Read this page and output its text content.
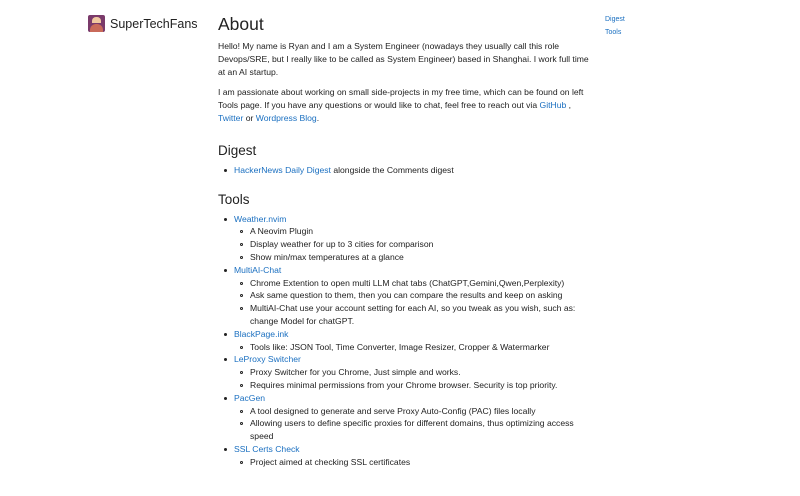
SuperTechFans	Digest
Tools
About

Hello! My name is Ryan and I am a System Engineer (nowadays they usually call this role Devops/SRE, but I really like to be called as System Engineer) based in Shanghai. I work full time at an AI startup.

I am passionate about working on small side-projects in my free time, which can be found on left Tools page. If you have any questions or would like to chat, feel free to reach out via GitHub , Twitter or Wordpress Blog.

Digest
HackerNews Daily Digest alongside the Comments digest
Tools
Weather.nvim
A Neovim Plugin
Display weather for up to 3 cities for comparison
Show min/max temperatures at a glance
MultiAI-Chat
Chrome Extention to open multi LLM chat tabs (ChatGPT,Gemini,Qwen,Perplexity)
Ask same question to them, then you can compare the results and keep on asking
MultiAI-Chat use your account setting for each AI, so you tweak as you wish, such as: change Model for chatGPT.
BlackPage.ink
Tools like: JSON Tool, Time Converter, Image Resizer, Cropper & Watermarker
LeProxy Switcher
Proxy Switcher for you Chrome, Just simple and works.
Requires minimal permissions from your Chrome browser. Security is top priority.
PacGen
A tool designed to generate and serve Proxy Auto-Config (PAC) files locally
Allowing users to define specific proxies for different domains, thus optimizing access speed
SSL Certs Check
Project aimed at checking SSL certificates
